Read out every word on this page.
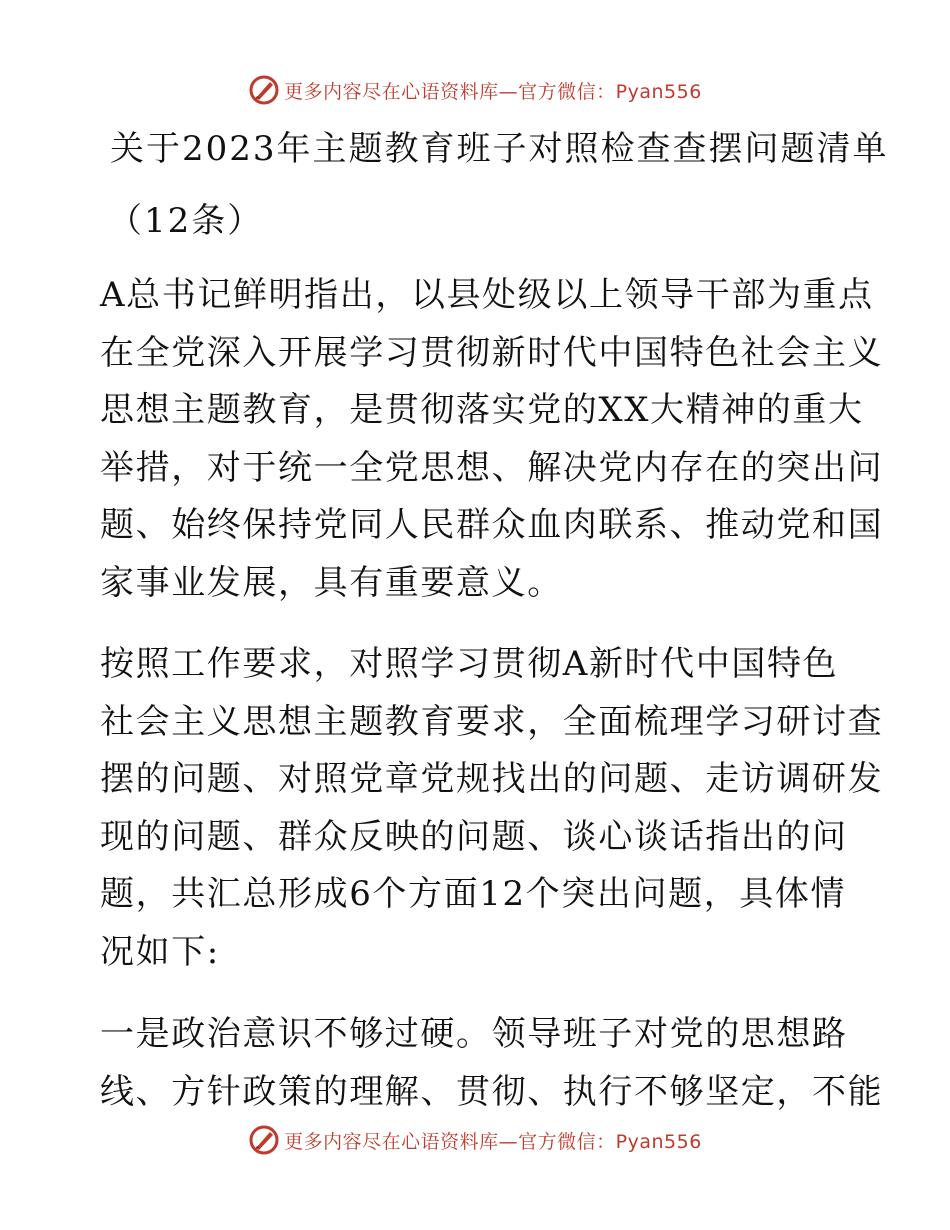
更多内容尽在心语资料库— 官方微信：Pyan556
关于2023年主题教育班子对照检查查摆问题清单
（12条）
A总书记鲜明指出，以县处级以上领导干部为重点
在全党深入开展学习贯彻新时代中国特色社会主义
思想主题教育，是贯彻落实党的XX大精神的重大
举措，对于统一全党思想、解决党内存在的突出问
题、始终保持党同人民群众血肉联系、推动党和国
家事业发展，具有重要意义。
按照工作要求，对照学习贯彻A新时代中国特色
社会主义思想主题教育要求，全面梳理学习研讨查
摆的问题、对照党章党规找出的问题、走访调研发
现的问题、群众反映的问题、谈心谈话指出的问
题，共汇总形成6个方面12个突出问题，具体情
况如下:
一是政治意识不够过硬。领导班子对党的思想路
线、方针政策的理解、贯彻、执行不够坚定，不能
更多内容尽在心语资料库— 官方微信：Pyan556
